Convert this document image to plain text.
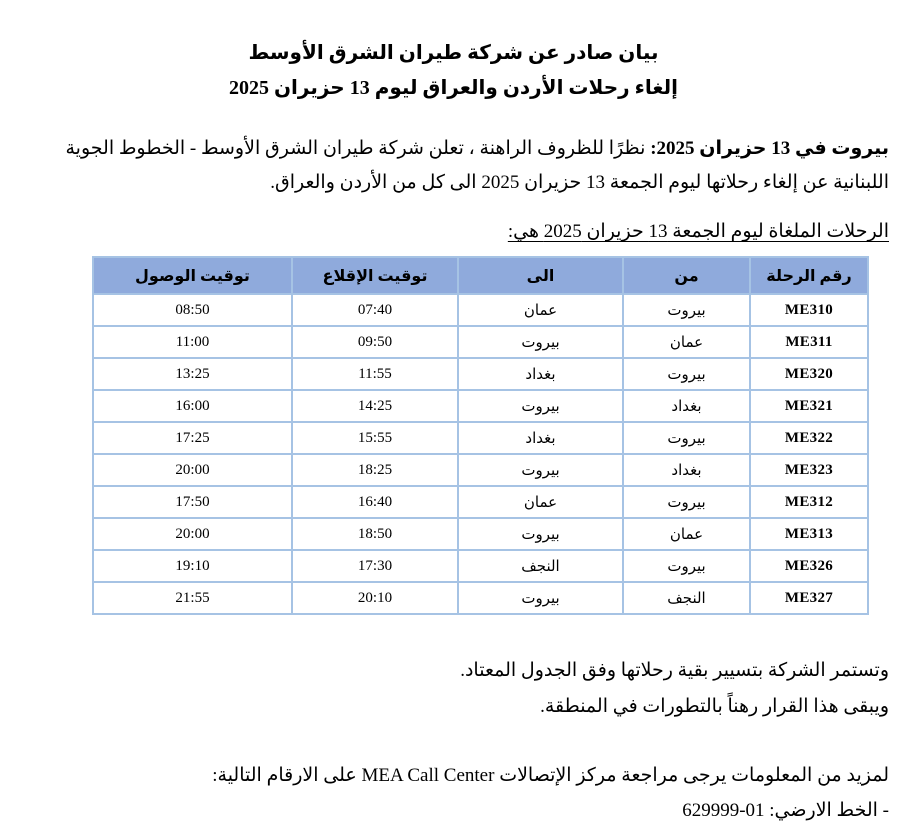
بيان صادر عن شركة طيران الشرق الأوسط
إلغاء رحلات الأردن والعراق ليوم 13 حزيران 2025

بيروت في 13 حزيران 2025: نظرًا للظروف الراهنة ، تعلن شركة طيران الشرق الأوسط - الخطوط الجوية اللبنانية عن إلغاء رحلاتها ليوم الجمعة 13 حزيران 2025 الى كل من الأردن والعراق.

الرحلات الملغاة ليوم الجمعة 13 حزيران 2025 هي:
رقم الرحلة	من	الى	توقيت الإقلاع	توقيت الوصول
ME310	بيروت	عمان	07:40	08:50
ME311	عمان	بيروت	09:50	11:00
ME320	بيروت	بغداد	11:55	13:25
ME321	بغداد	بيروت	14:25	16:00
ME322	بيروت	بغداد	15:55	17:25
ME323	بغداد	بيروت	18:25	20:00
ME312	بيروت	عمان	16:40	17:50
ME313	عمان	بيروت	18:50	20:00
ME326	بيروت	النجف	17:30	19:10
ME327	النجف	بيروت	20:10	21:55
وتستمر الشركة بتسيير بقية رحلاتها وفق الجدول المعتاد.
ويبقى هذا القرار رهناً بالتطورات في المنطقة.
لمزيد من المعلومات يرجى مراجعة مركز الإتصالات MEA Call Center على الارقام التالية:
- الخط الارضي: 01-629999
